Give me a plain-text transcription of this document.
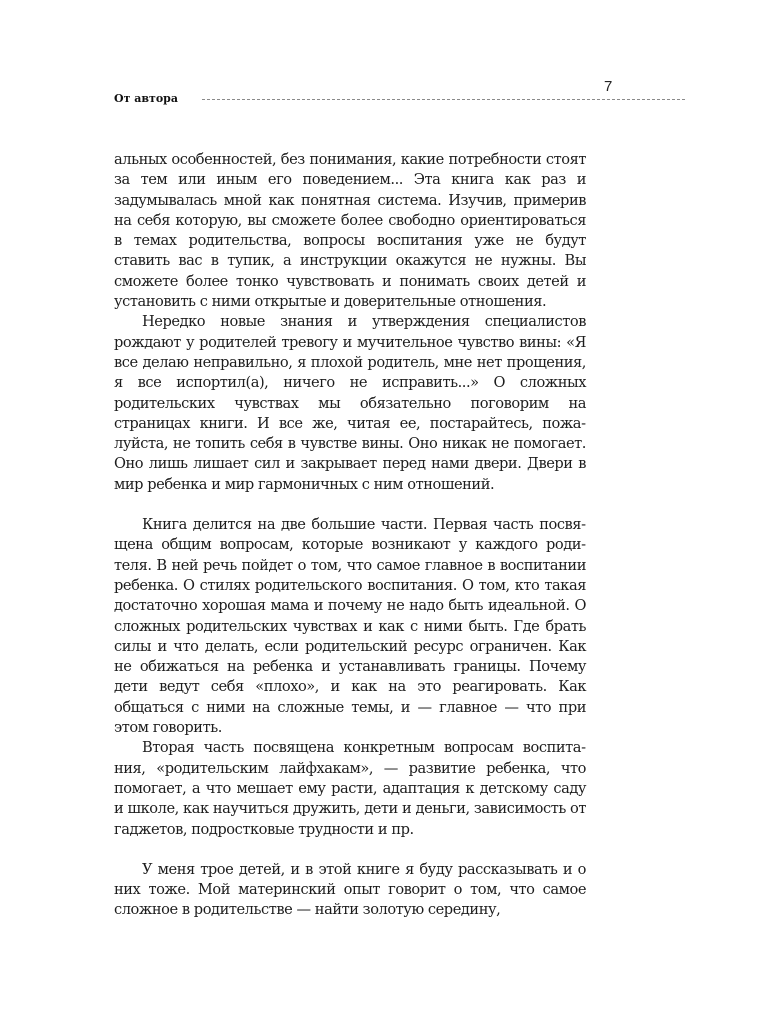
7
От автора

альных особенностей, без понимания, какие потребности стоят за тем или иным его поведением... Эта книга как раз и задумывалась мной как понятная система. Изучив, примерив на себя которую, вы сможете более свободно ориентироваться в темах родительства, вопросы воспитания уже не будут ставить вас в тупик, а инструкции окажутся не нужны. Вы сможете более тонко чувствовать и понимать своих детей и установить с ними открытые и доверительные отношения.

Нередко новые знания и утверждения специалистов рождают у родителей тревогу и мучительное чувство вины: «Я все делаю неправильно, я плохой родитель, мне нет прощения, я все испортил(а), ничего не исправить...» О сложных родительских чувствах мы обязательно поговорим на страницах книги. И все же, читая ее, постарайтесь, пожалуйста, не топить себя в чувстве вины. Оно никак не помогает. Оно лишь лишает сил и закрывает перед нами двери. Двери в мир ребенка и мир гармоничных с ним отношений.

Книга делится на две большие части. Первая часть посвящена общим вопросам, которые возникают у каждого родителя. В ней речь пойдет о том, что самое главное в воспитании ребенка. О стилях родительского воспитания. О том, кто такая достаточно хорошая мама и почему не надо быть идеальной. О сложных родительских чувствах и как с ними быть. Где брать силы и что делать, если родительский ресурс ограничен. Как не обижаться на ребенка и устанавливать границы. Почему дети ведут себя «плохо», и как на это реагировать. Как общаться с ними на сложные темы, и — главное — что при этом говорить.

Вторая часть посвящена конкретным вопросам воспитания, «родительским лайфхакам», — развитие ребенка, что помогает, а что мешает ему расти, адаптация к детскому саду и школе, как научиться дружить, дети и деньги, зависимость от гаджетов, подростковые трудности и пр.

У меня трое детей, и в этой книге я буду рассказывать и о них тоже. Мой материнский опыт говорит о том, что самое сложное в родительстве — найти золотую середину,
